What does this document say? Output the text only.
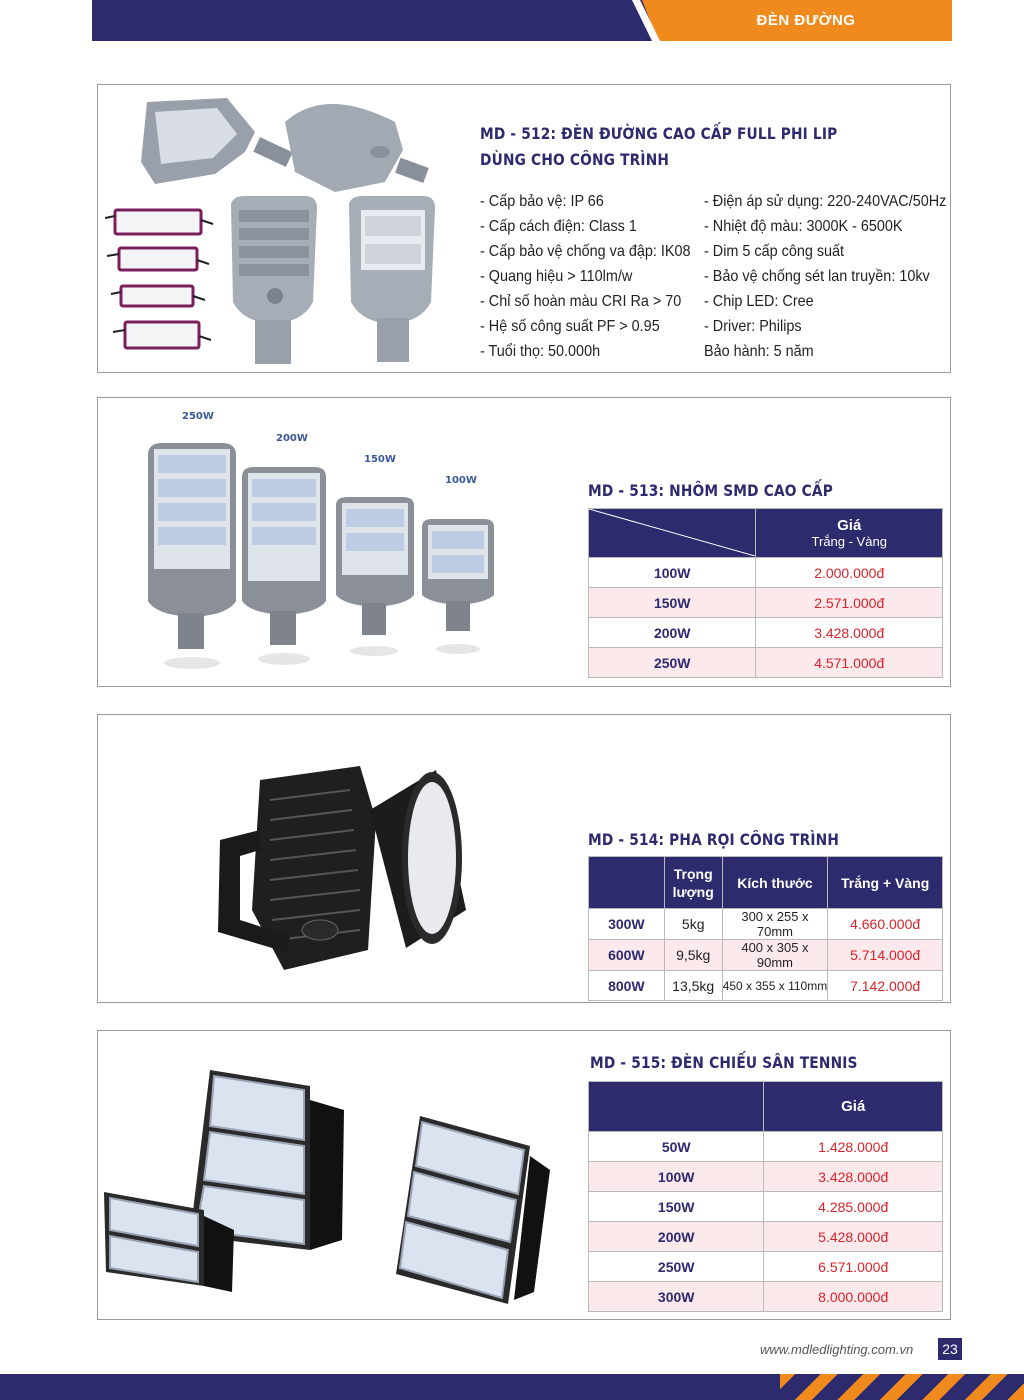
ĐÈN ĐƯỜNG
MD - 512: ĐÈN ĐƯỜNG CAO CẤP FULL PHI LIP
DÙNG CHO CÔNG TRÌNH
- Cấp bảo vệ: IP 66
- Cấp cách điện: Class 1
- Cấp bảo vệ chống va đập: IK08
- Quang hiệu > 110lm/w
- Chỉ số hoàn màu CRI Ra > 70
- Hệ số công suất PF > 0.95
- Tuổi thọ: 50.000h
- Điện áp sử dụng: 220-240VAC/50Hz
- Nhiệt độ màu: 3000K - 6500K
- Dim 5 cấp công suất
- Bảo vệ chống sét lan truyền: 10kv
- Chip LED: Cree
- Driver: Philips
Bảo hành: 5 năm
250W
200W
150W
100W
MD - 513: NHÔM SMD CAO CẤP

Giá
Trắng - Vàng

100W	2.000.000đ
150W	2.571.000đ
200W	3.428.000đ
250W	4.571.000đ
MD - 514: PHA RỌI CÔNG TRÌNH
	Trọng lượng	Kích thước	Trắng + Vàng
300W	5kg	300 x 255 x 70mm	4.660.000đ
600W	9,5kg	400 x 305 x 90mm	5.714.000đ
800W	13,5kg	450 x 355 x 110mm	7.142.000đ
MD - 515: ĐÈN CHIẾU SÂN TENNIS
	Giá
50W	1.428.000đ
100W	3.428.000đ
150W	4.285.000đ
200W	5.428.000đ
250W	6.571.000đ
300W	8.000.000đ
www.mdledlighting.com.vn	23
